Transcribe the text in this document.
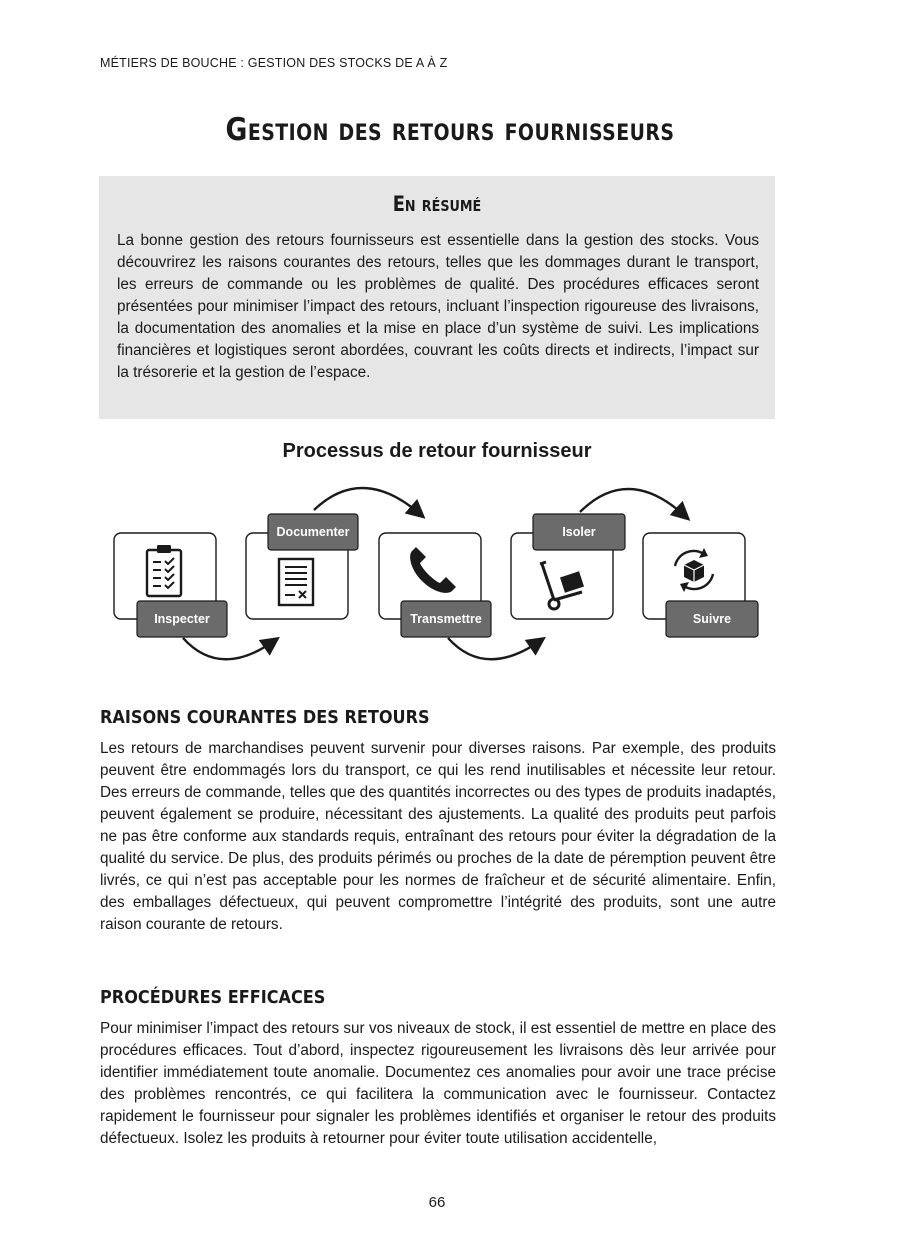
MÉTIERS DE BOUCHE : GESTION DES STOCKS DE A À Z
Gestion des retours fournisseurs
En résumé

La bonne gestion des retours fournisseurs est essentielle dans la gestion des stocks. Vous découvrirez les raisons courantes des retours, telles que les dommages durant le transport, les erreurs de commande ou les problèmes de qualité. Des procédures efficaces seront présentées pour minimiser l’impact des retours, incluant l’inspection rigoureuse des livraisons, la documentation des anomalies et la mise en place d’un système de suivi. Les implications financières et logistiques seront abordées, couvrant les coûts directs et indirects, l’impact sur la trésorerie et la gestion de l’espace.

Processus de retour fournisseur
Inspecter
Documenter
Transmettre
Isoler
Suivre
RAISONS COURANTES DES RETOURS

Les retours de marchandises peuvent survenir pour diverses raisons. Par exemple, des produits peuvent être endommagés lors du transport, ce qui les rend inutilisables et nécessite leur retour. Des erreurs de commande, telles que des quantités incorrectes ou des types de produits inadaptés, peuvent également se produire, nécessitant des ajustements. La qualité des produits peut parfois ne pas être conforme aux standards requis, entraînant des retours pour éviter la dégradation de la qualité du service. De plus, des produits périmés ou proches de la date de péremption peuvent être livrés, ce qui n’est pas acceptable pour les normes de fraîcheur et de sécurité alimentaire. Enfin, des emballages défectueux, qui peuvent compromettre l’intégrité des produits, sont une autre raison courante de retours.

PROCÉDURES EFFICACES

Pour minimiser l’impact des retours sur vos niveaux de stock, il est essentiel de mettre en place des procédures efficaces. Tout d’abord, inspectez rigoureusement les livraisons dès leur arrivée pour identifier immédiatement toute anomalie. Documentez ces anomalies pour avoir une trace précise des problèmes rencontrés, ce qui facilitera la communication avec le fournisseur. Contactez rapidement le fournisseur pour signaler les problèmes identifiés et organiser le retour des produits défectueux. Isolez les produits à retourner pour éviter toute utilisation accidentelle,

66
